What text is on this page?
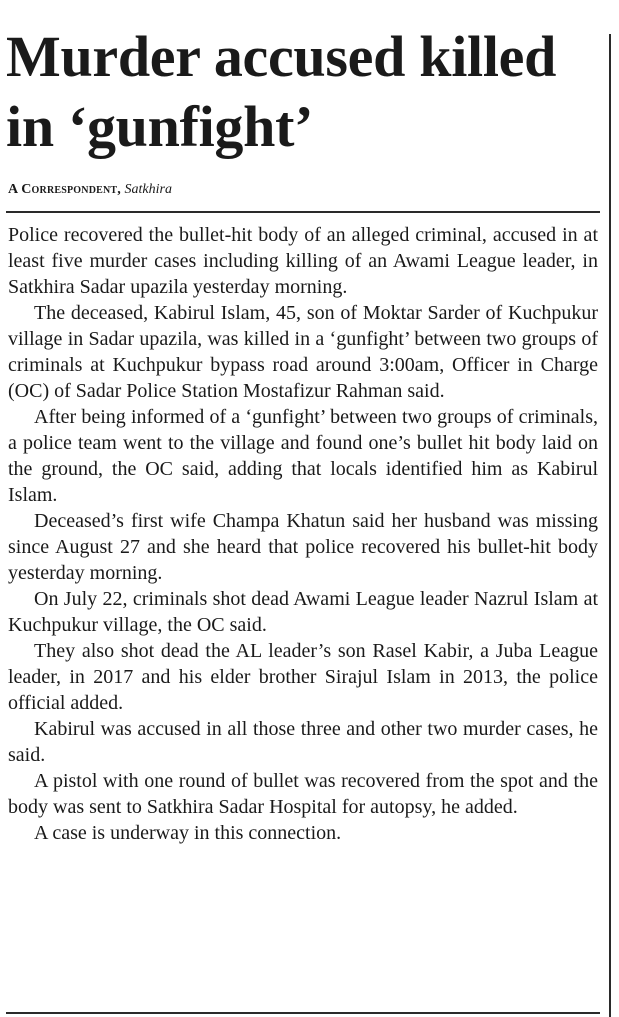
Murder accused killed in ‘gunfight’
A Correspondent, Satkhira

Police recovered the bullet-hit body of an alleged criminal, accused in at least five murder cases including killing of an Awami League leader, in Satkhira Sadar upazila yesterday morning.

The deceased, Kabirul Islam, 45, son of Moktar Sarder of Kuchpukur village in Sadar upazila, was killed in a ‘gunfight’ between two groups of criminals at Kuchpukur bypass road around 3:00am, Officer in Charge (OC) of Sadar Police Station Mostafizur Rahman said.

After being informed of a ‘gunfight’ between two groups of criminals, a police team went to the village and found one’s bullet hit body laid on the ground, the OC said, adding that locals identified him as Kabirul Islam.

Deceased’s first wife Champa Khatun said her husband was missing since August 27 and she heard that police recovered his bullet-hit body yesterday morning.

On July 22, criminals shot dead Awami League leader Nazrul Islam at Kuchpukur village, the OC said.

They also shot dead the AL leader’s son Rasel Kabir, a Juba League leader, in 2017 and his elder brother Sirajul Islam in 2013, the police official added.

Kabirul was accused in all those three and other two murder cases, he said.

A pistol with one round of bullet was recovered from the spot and the body was sent to Satkhira Sadar Hospital for autopsy, he added.

A case is underway in this connection.
